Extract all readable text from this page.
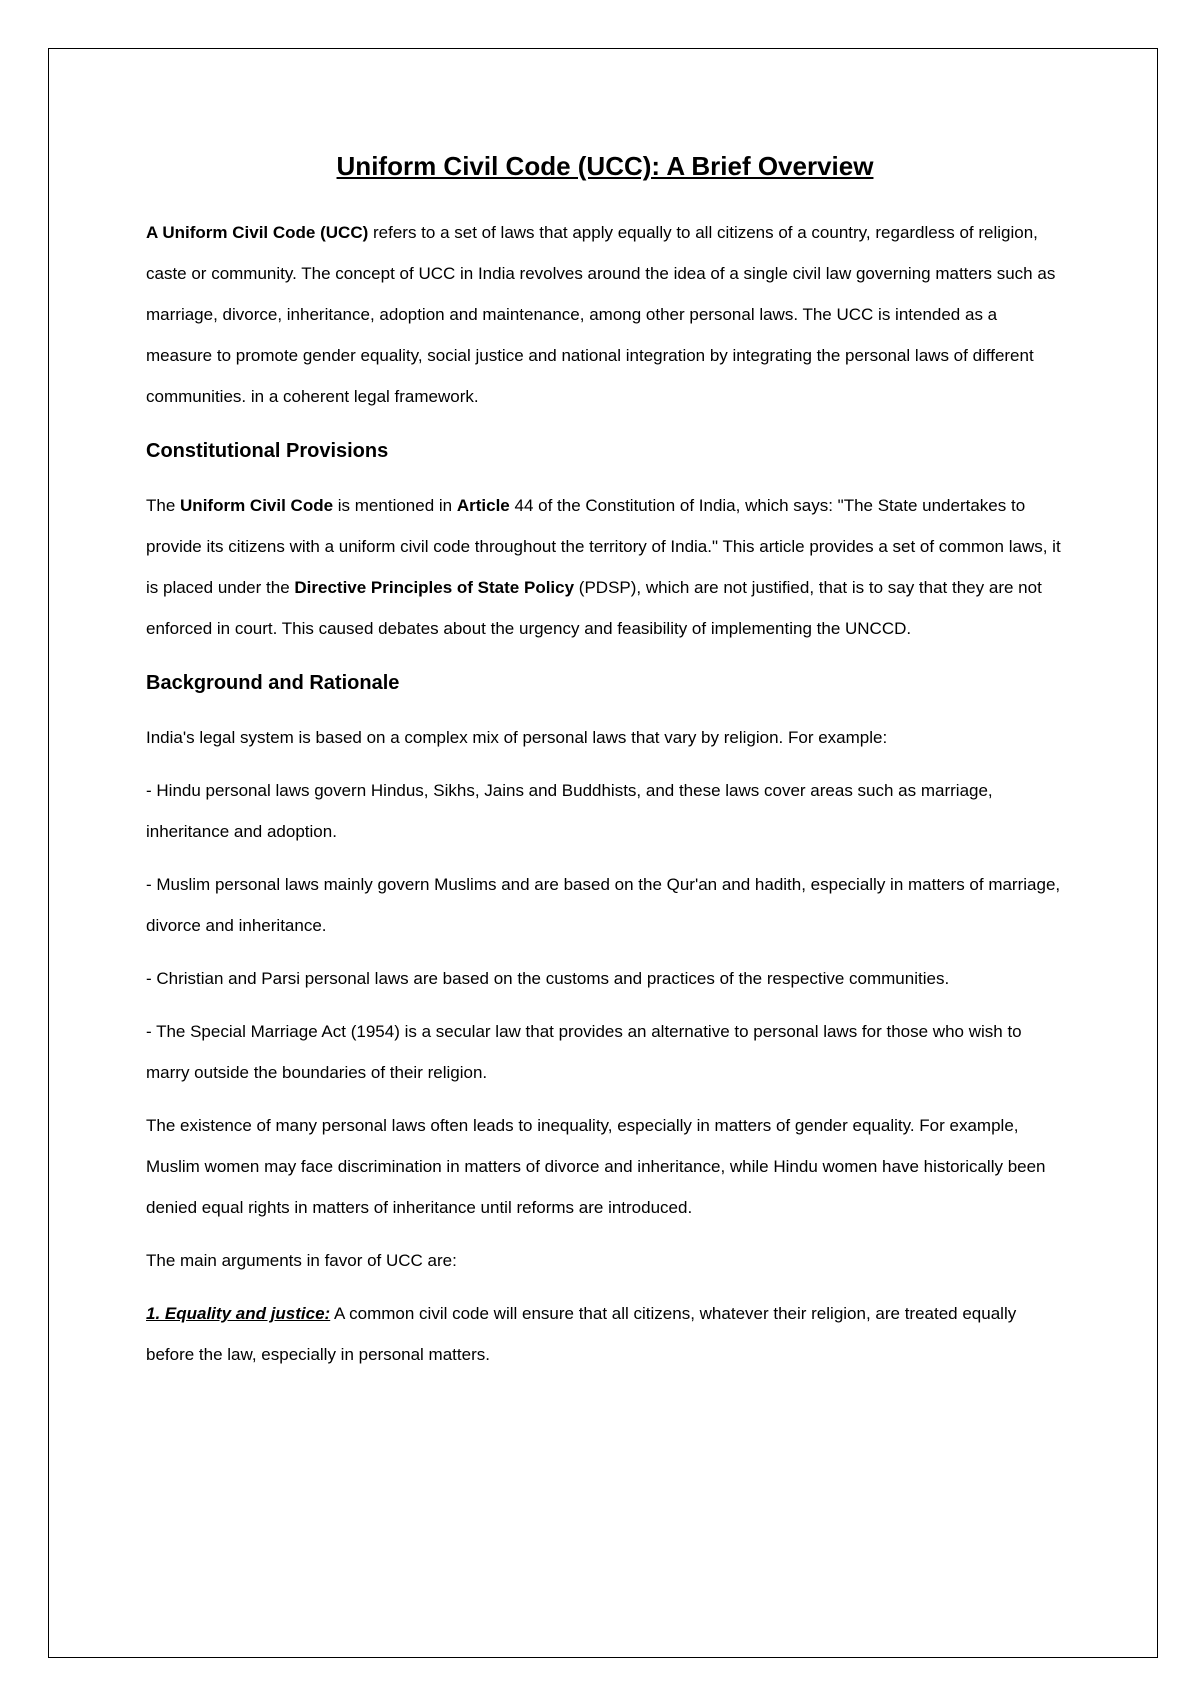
Uniform Civil Code (UCC): A Brief Overview

A Uniform Civil Code (UCC) refers to a set of laws that apply equally to all citizens of a country, regardless of religion, caste or community. The concept of UCC in India revolves around the idea of a single civil law governing matters such as marriage, divorce, inheritance, adoption and maintenance, among other personal laws. The UCC is intended as a measure to promote gender equality, social justice and national integration by integrating the personal laws of different communities. in a coherent legal framework.

Constitutional Provisions

The Uniform Civil Code is mentioned in Article 44 of the Constitution of India, which says: "The State undertakes to provide its citizens with a uniform civil code throughout the territory of India." This article provides a set of common laws, it is placed under the Directive Principles of State Policy (PDSP), which are not justified, that is to say that they are not enforced in court. This caused debates about the urgency and feasibility of implementing the UNCCD.

Background and Rationale

India's legal system is based on a complex mix of personal laws that vary by religion. For example:

- Hindu personal laws govern Hindus, Sikhs, Jains and Buddhists, and these laws cover areas such as marriage, inheritance and adoption.

- Muslim personal laws mainly govern Muslims and are based on the Qur'an and hadith, especially in matters of marriage, divorce and inheritance.

- Christian and Parsi personal laws are based on the customs and practices of the respective communities.

- The Special Marriage Act (1954) is a secular law that provides an alternative to personal laws for those who wish to marry outside the boundaries of their religion.

The existence of many personal laws often leads to inequality, especially in matters of gender equality. For example, Muslim women may face discrimination in matters of divorce and inheritance, while Hindu women have historically been denied equal rights in matters of inheritance until reforms are introduced.

The main arguments in favor of UCC are:

1. Equality and justice: A common civil code will ensure that all citizens, whatever their religion, are treated equally before the law, especially in personal matters.
